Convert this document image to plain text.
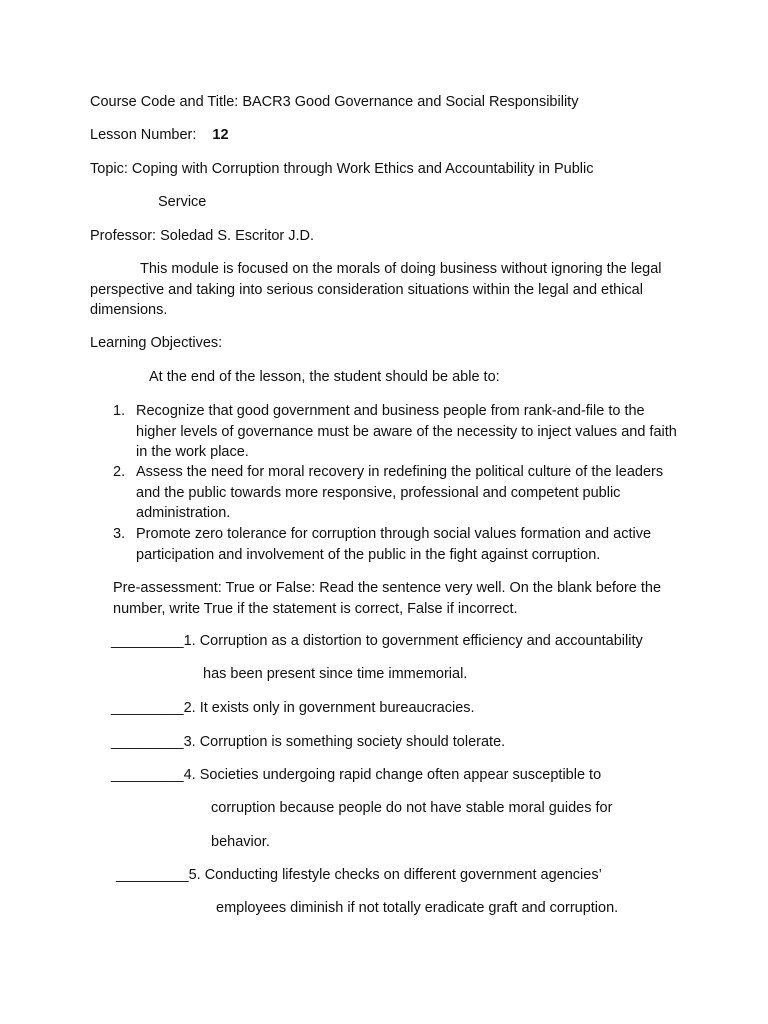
Course Code and Title: BACR3 Good Governance and Social Responsibility
Lesson Number: 12
Topic: Coping with Corruption through Work Ethics and Accountability in Public
Service
Professor: Soledad S. Escritor J.D.
This module is focused on the morals of doing business without ignoring the legal perspective and taking into serious consideration situations within the legal and ethical dimensions.
Learning Objectives:
At the end of the lesson, the student should be able to:
1. Recognize that good government and business people from rank-and-file to the higher levels of governance must be aware of the necessity to inject values and faith in the work place.
2. Assess the need for moral recovery in redefining the political culture of the leaders and the public towards more responsive, professional and competent public administration.
3. Promote zero tolerance for corruption through social values formation and active participation and involvement of the public in the fight against corruption.
Pre-assessment: True or False: Read the sentence very well. On the blank before the number, write True if the statement is correct, False if incorrect.
_________1. Corruption as a distortion to government efficiency and accountability
has been present since time immemorial.
_________2. It exists only in government bureaucracies.
_________3. Corruption is something society should tolerate.
_________4. Societies undergoing rapid change often appear susceptible to
corruption because people do not have stable moral guides for
behavior.
_________5. Conducting lifestyle checks on different government agencies’
employees diminish if not totally eradicate graft and corruption.
